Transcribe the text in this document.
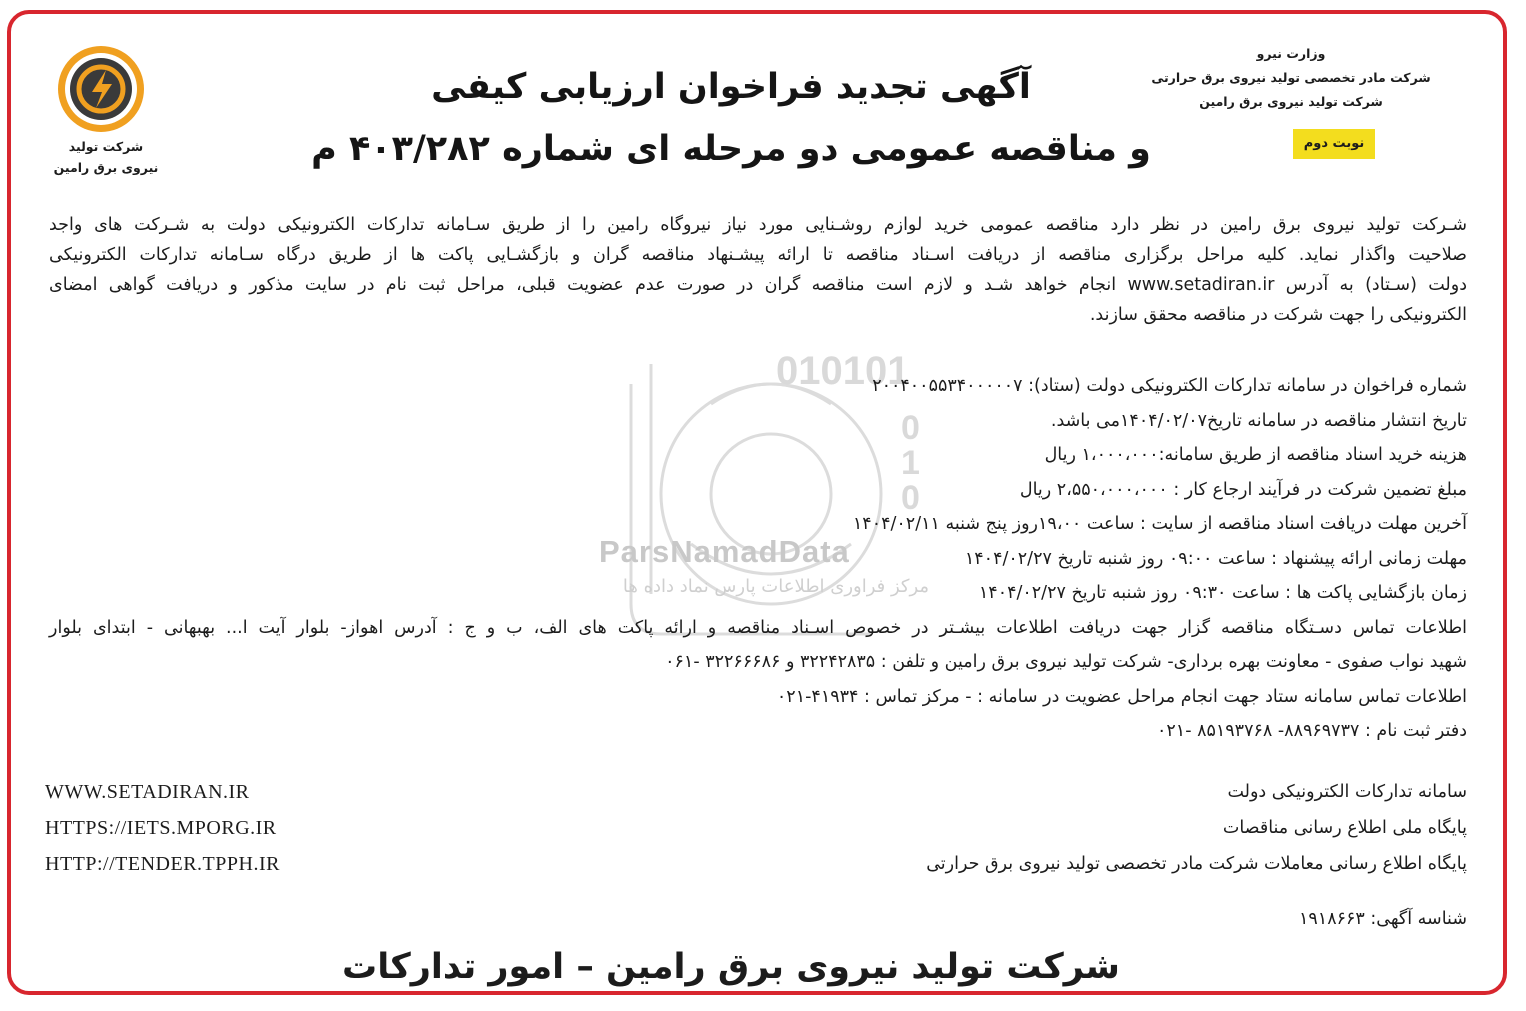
010101
0
1
0
ParsNamadData
مرکز فراوری اطلاعات پارس نماد داده ها
وزارت نیرو
شرکت مادر تخصصی تولید نیروی برق حرارتی
شرکت تولید نیروی برق رامین
نوبت دوم
آگهی تجدید فراخوان ارزیابی کیفی
و مناقصه عمومی دو مرحله ای شماره ۴۰۳/۲۸۲ م
شرکت تولید
نیروی برق رامین
شـرکت تولید نیروی برق رامین در نظر دارد مناقصه عمومی خرید لوازم روشـنایی مورد نیاز نیروگاه رامین را از طریق سـامانه تدارکات الکترونیکی دولت به شـرکت های واجد
صلاحیت واگذار نماید. کلیه مراحل برگزاری مناقصه از دریافت اسـناد مناقصه تا ارائه پیشـنهاد مناقصه گران و بازگشـایی پاکت ها از طریق درگاه سـامانه تدارکات الکترونیکی
دولت (سـتاد) به آدرس www.setadiran.ir انجام خواهد شـد و لازم است مناقصه گران در صورت عدم عضویت قبلی، مراحل ثبت نام در سایت مذکور و دریافت گواهی امضای
الکترونیکی را جهت شرکت در مناقصه محقق سازند.
شماره فراخوان در سامانه تدارکات الکترونیکی دولت (ستاد): ۲۰۰۴۰۰۵۵۳۴۰۰۰۰۰۷
تاریخ انتشار مناقصه در سامانه تاریخ۱۴۰۴/۰۲/۰۷می باشد.
هزینه خرید اسناد مناقصه از طریق سامانه:۱،۰۰۰،۰۰۰ ریال
مبلغ تضمین شرکت در فرآیند ارجاع کار : ۲،۵۵۰،۰۰۰،۰۰۰ ریال
آخرین مهلت دریافت اسناد مناقصه از سایت : ساعت ۱۹،۰۰روز پنج شنبه ۱۴۰۴/۰۲/۱۱
مهلت زمانی ارائه پیشنهاد : ساعت ۰۹:۰۰ روز شنبه تاریخ ۱۴۰۴/۰۲/۲۷
زمان بازگشایی پاکت ها : ساعت ۰۹:۳۰ روز شنبه تاریخ ۱۴۰۴/۰۲/۲۷
اطلاعات تماس دسـتگاه مناقصه گزار جهت دریافت اطلاعات بیشـتر در خصوص اسـناد مناقصه و ارائه پاکت های الف، ب و ج : آدرس اهواز- بلوار آیت ا... بهبهانی - ابتدای بلوار
شهید نواب صفوی - معاونت بهره برداری- شرکت تولید نیروی برق رامین و تلفن : ۳۲۲۴۲۸۳۵ و ۳۲۲۶۶۶۸۶ -۰۶۱
اطلاعات تماس سامانه ستاد جهت انجام مراحل عضویت در سامانه : - مرکز تماس : ۴۱۹۳۴-۰۲۱
دفتر ثبت نام : ۸۸۹۶۹۷۳۷- ۸۵۱۹۳۷۶۸ -۰۲۱
سامانه تدارکات الکترونیکی دولت
پایگاه ملی اطلاع رسانی مناقصات
پایگاه اطلاع رسانی معاملات شرکت مادر تخصصی تولید نیروی برق حرارتی
WWW.SETADIRAN.IR
HTTPS://IETS.MPORG.IR
HTTP://TENDER.TPPH.IR
شناسه آگهی: ۱۹۱۸۶۶۳
شرکت تولید نیروی برق رامین – امور تدارکات
